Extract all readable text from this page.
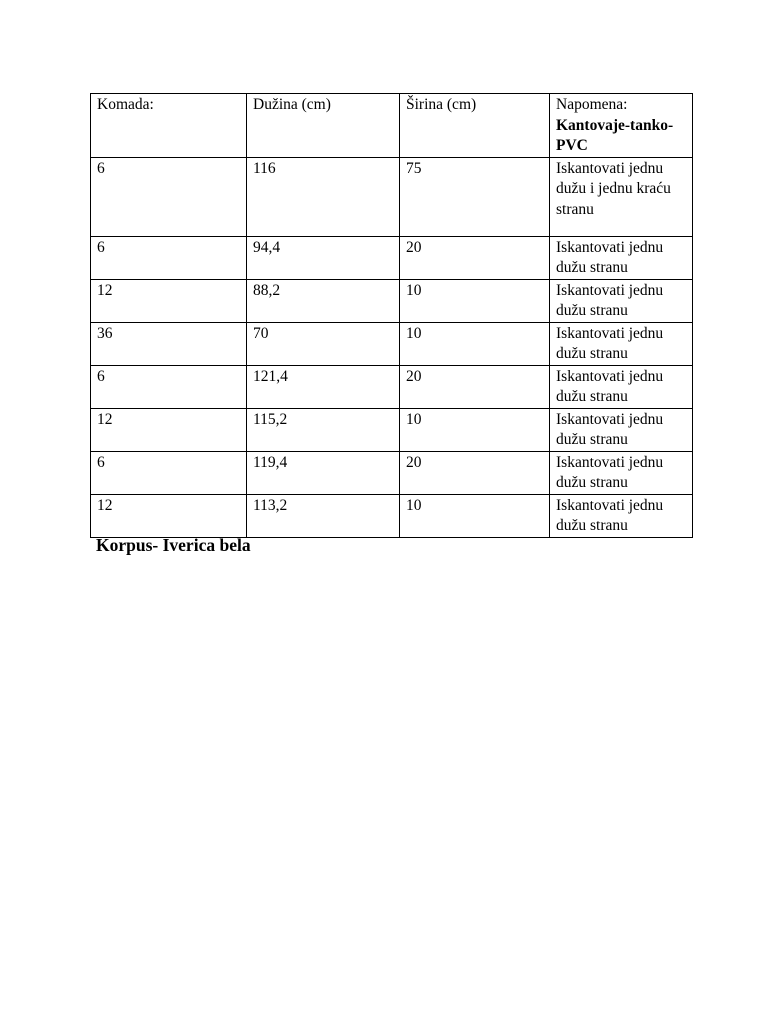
Komada:	Dužina (cm)	Širina (cm)	Napomena:
Kantovaje-tanko-PVC

6	116	75	Iskantovati jednu dužu i jednu kraću stranu
6	94,4	20	Iskantovati jednu dužu stranu
12	88,2	10	Iskantovati jednu dužu stranu
36	70	10	Iskantovati jednu dužu stranu
6	121,4	20	Iskantovati jednu dužu stranu
12	115,2	10	Iskantovati jednu dužu stranu
6	119,4	20	Iskantovati jednu dužu stranu
12	113,2	10	Iskantovati jednu dužu stranu
Korpus- Iverica bela
